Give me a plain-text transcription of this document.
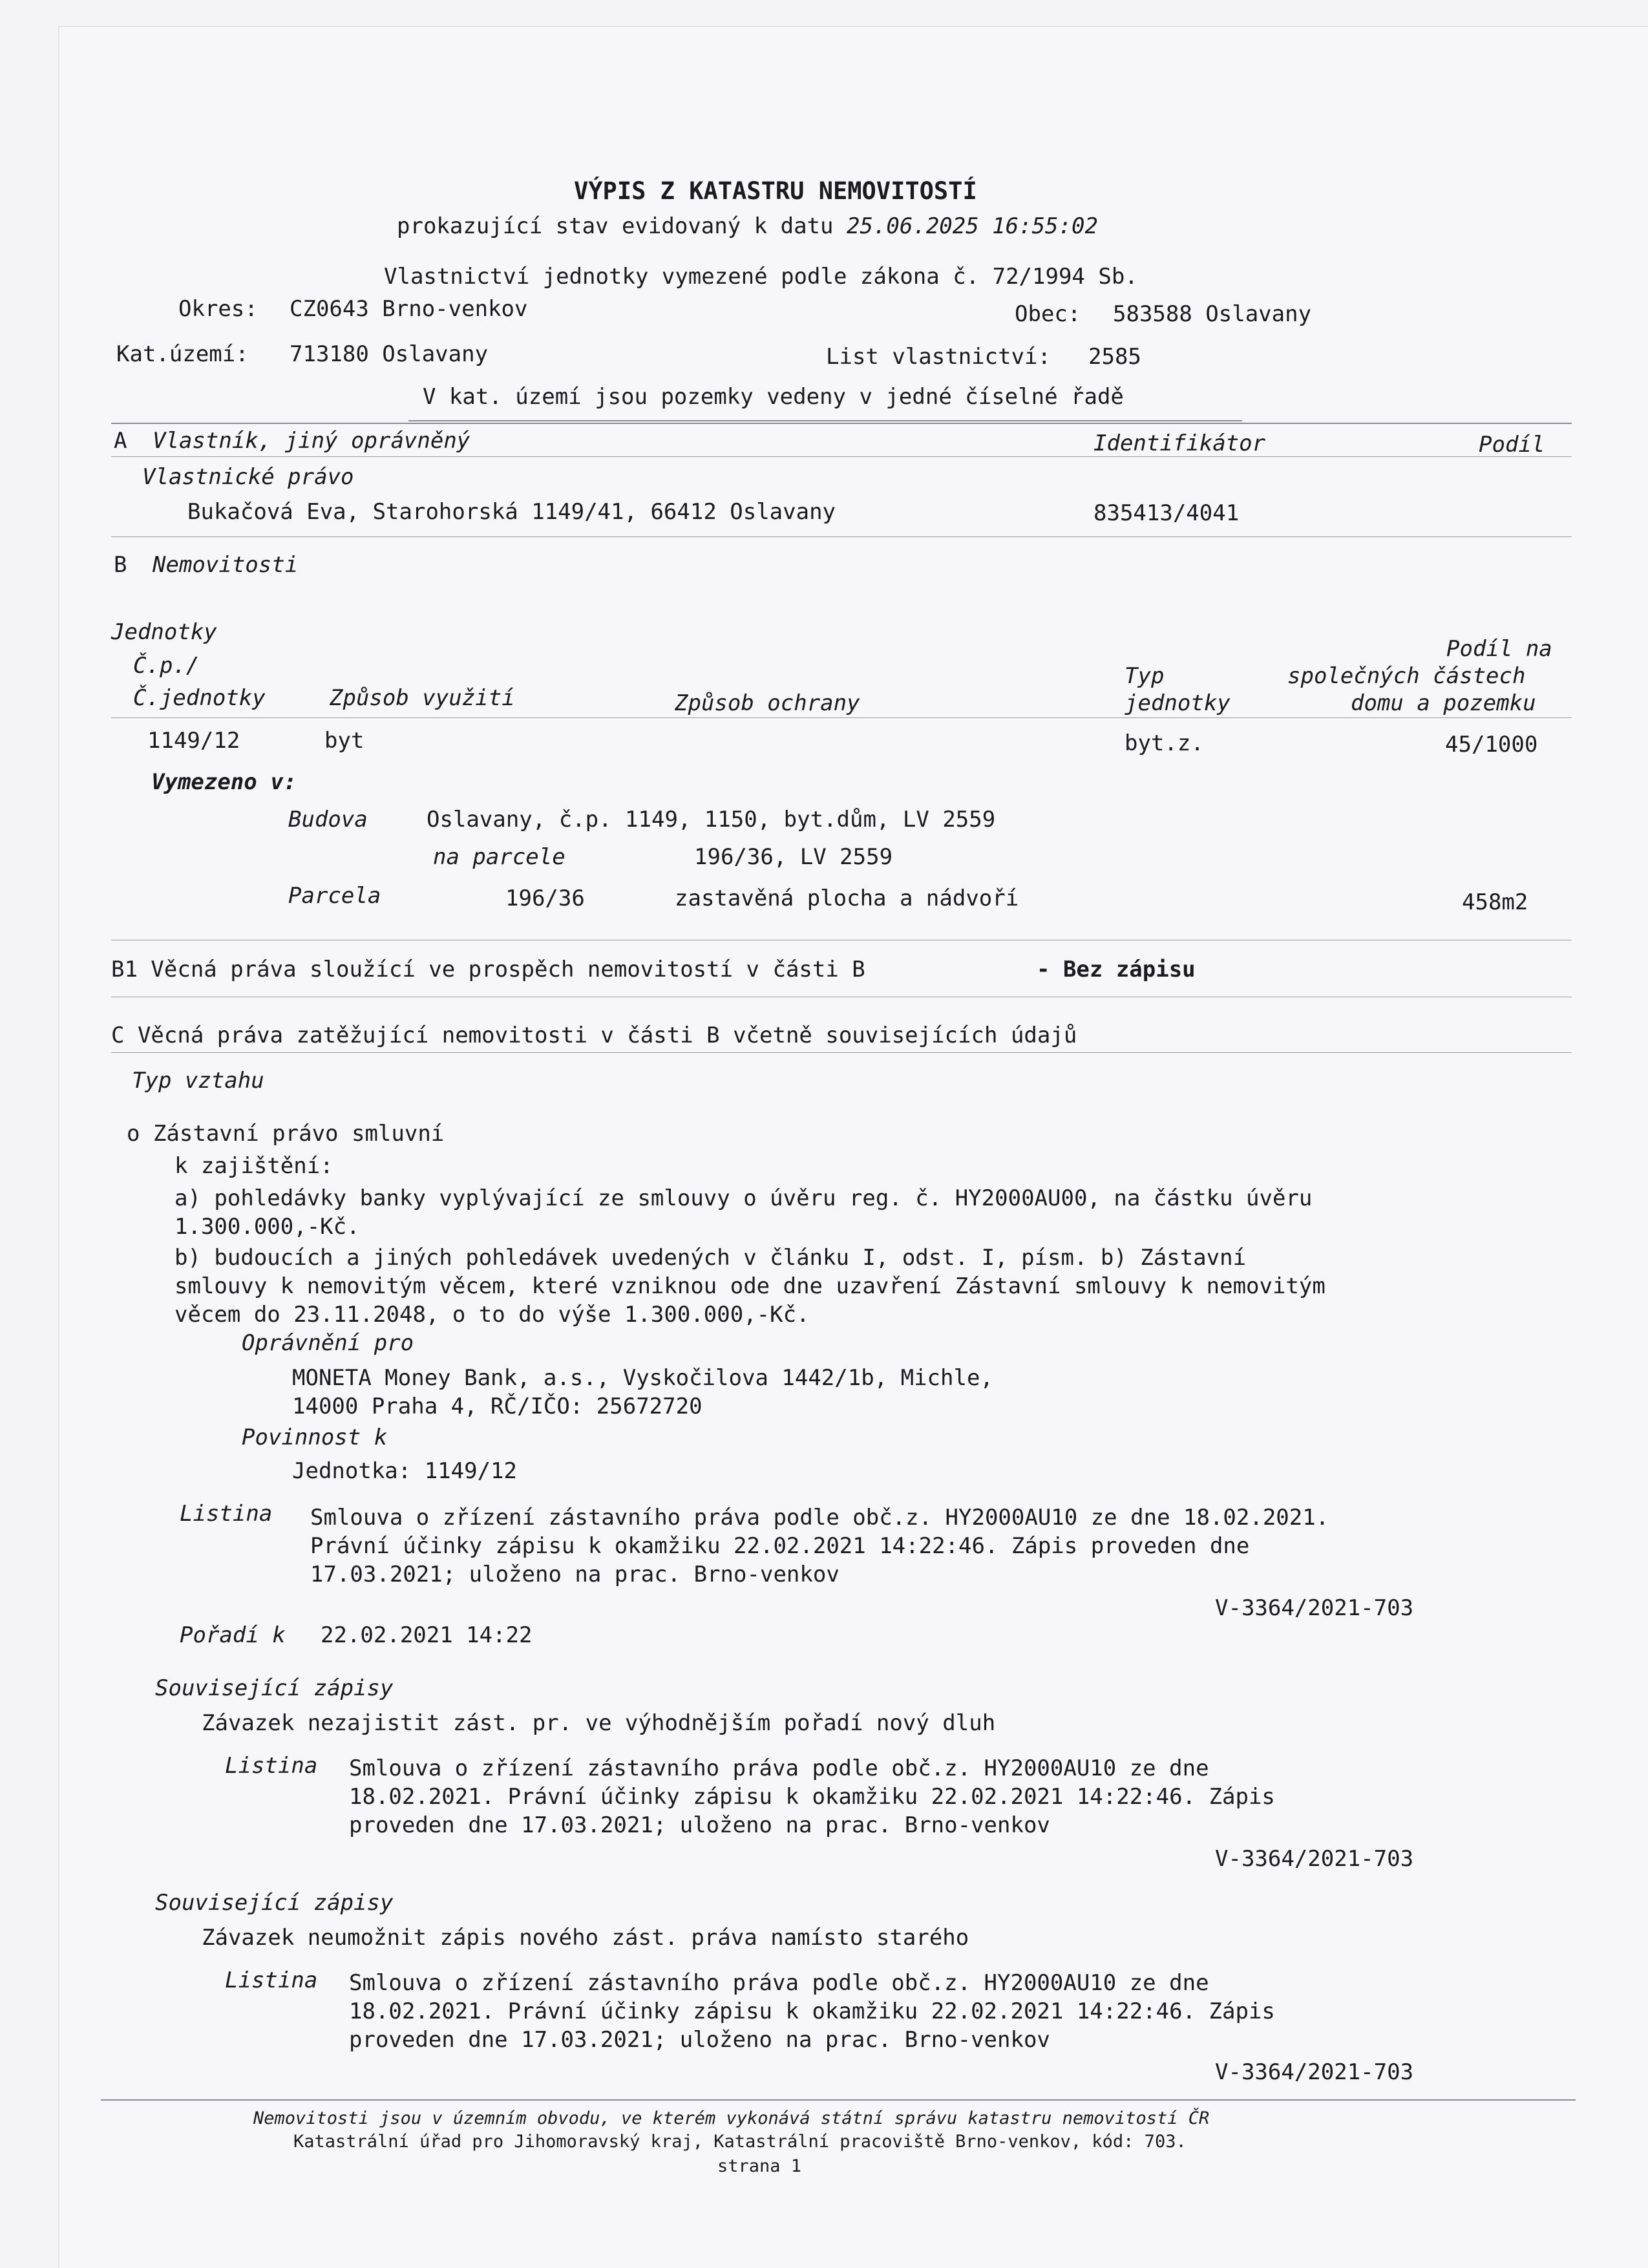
VÝPIS Z KATASTRU NEMOVITOSTÍ
prokazující stav evidovaný k datu 25.06.2025 16:55:02
Vlastnictví jednotky vymezené podle zákona č. 72/1994 Sb.
Okres: CZ0643 Brno-venkov	Obec: 583588 Oslavany
Kat.území: 713180 Oslavany	List vlastnictví: 2585
V kat. území jsou pozemky vedeny v jedné číselné řadě
A Vlastník, jiný oprávněný	Identifikátor	Podíl
Vlastnické právo
Bukačová Eva, Starohorská 1149/41, 66412 Oslavany	835413/4041
B Nemovitosti
Jednotky
Podíl na
Č.p./	Typ	společných částech
Č.jednotky	Způsob využití	Způsob ochrany	jednotky	domu a pozemku
1149/12	byt	byt.z.	45/1000
Vymezeno v:
Budova	Oslavany, č.p. 1149, 1150, byt.dům, LV 2559
na parcele	196/36, LV 2559
Parcela	196/36	zastavěná plocha a nádvoří	458m2
B1 Věcná práva sloužící ve prospěch nemovitostí v části B	- Bez zápisu
C Věcná práva zatěžující nemovitosti v části B včetně souvisejících údajů
Typ vztahu
o Zástavní právo smluvní
k zajištění:
a) pohledávky banky vyplývající ze smlouvy o úvěru reg. č. HY2000AU00, na částku úvěru
1.300.000,-Kč.
b) budoucích a jiných pohledávek uvedených v článku I, odst. I, písm. b) Zástavní
smlouvy k nemovitým věcem, které vzniknou ode dne uzavření Zástavní smlouvy k nemovitým
věcem do 23.11.2048, o to do výše 1.300.000,-Kč.
Oprávnění pro
MONETA Money Bank, a.s., Vyskočilova 1442/1b, Michle,
14000 Praha 4, RČ/IČO: 25672720
Povinnost k
Jednotka: 1149/12
Listina Smlouva o zřízení zástavního práva podle obč.z. HY2000AU10 ze dne 18.02.2021.
Právní účinky zápisu k okamžiku 22.02.2021 14:22:46. Zápis proveden dne
17.03.2021; uloženo na prac. Brno-venkov
V-3364/2021-703
Pořadí k 22.02.2021 14:22
Související zápisy
Závazek nezajistit zást. pr. ve výhodnějším pořadí nový dluh
Listina Smlouva o zřízení zástavního práva podle obč.z. HY2000AU10 ze dne
18.02.2021. Právní účinky zápisu k okamžiku 22.02.2021 14:22:46. Zápis
proveden dne 17.03.2021; uloženo na prac. Brno-venkov
V-3364/2021-703
Související zápisy
Závazek neumožnit zápis nového zást. práva namísto starého
Listina Smlouva o zřízení zástavního práva podle obč.z. HY2000AU10 ze dne
18.02.2021. Právní účinky zápisu k okamžiku 22.02.2021 14:22:46. Zápis
proveden dne 17.03.2021; uloženo na prac. Brno-venkov
V-3364/2021-703
Nemovitosti jsou v územním obvodu, ve kterém vykonává státní správu katastru nemovitostí ČR
Katastrální úřad pro Jihomoravský kraj, Katastrální pracoviště Brno-venkov, kód: 703.
strana 1
